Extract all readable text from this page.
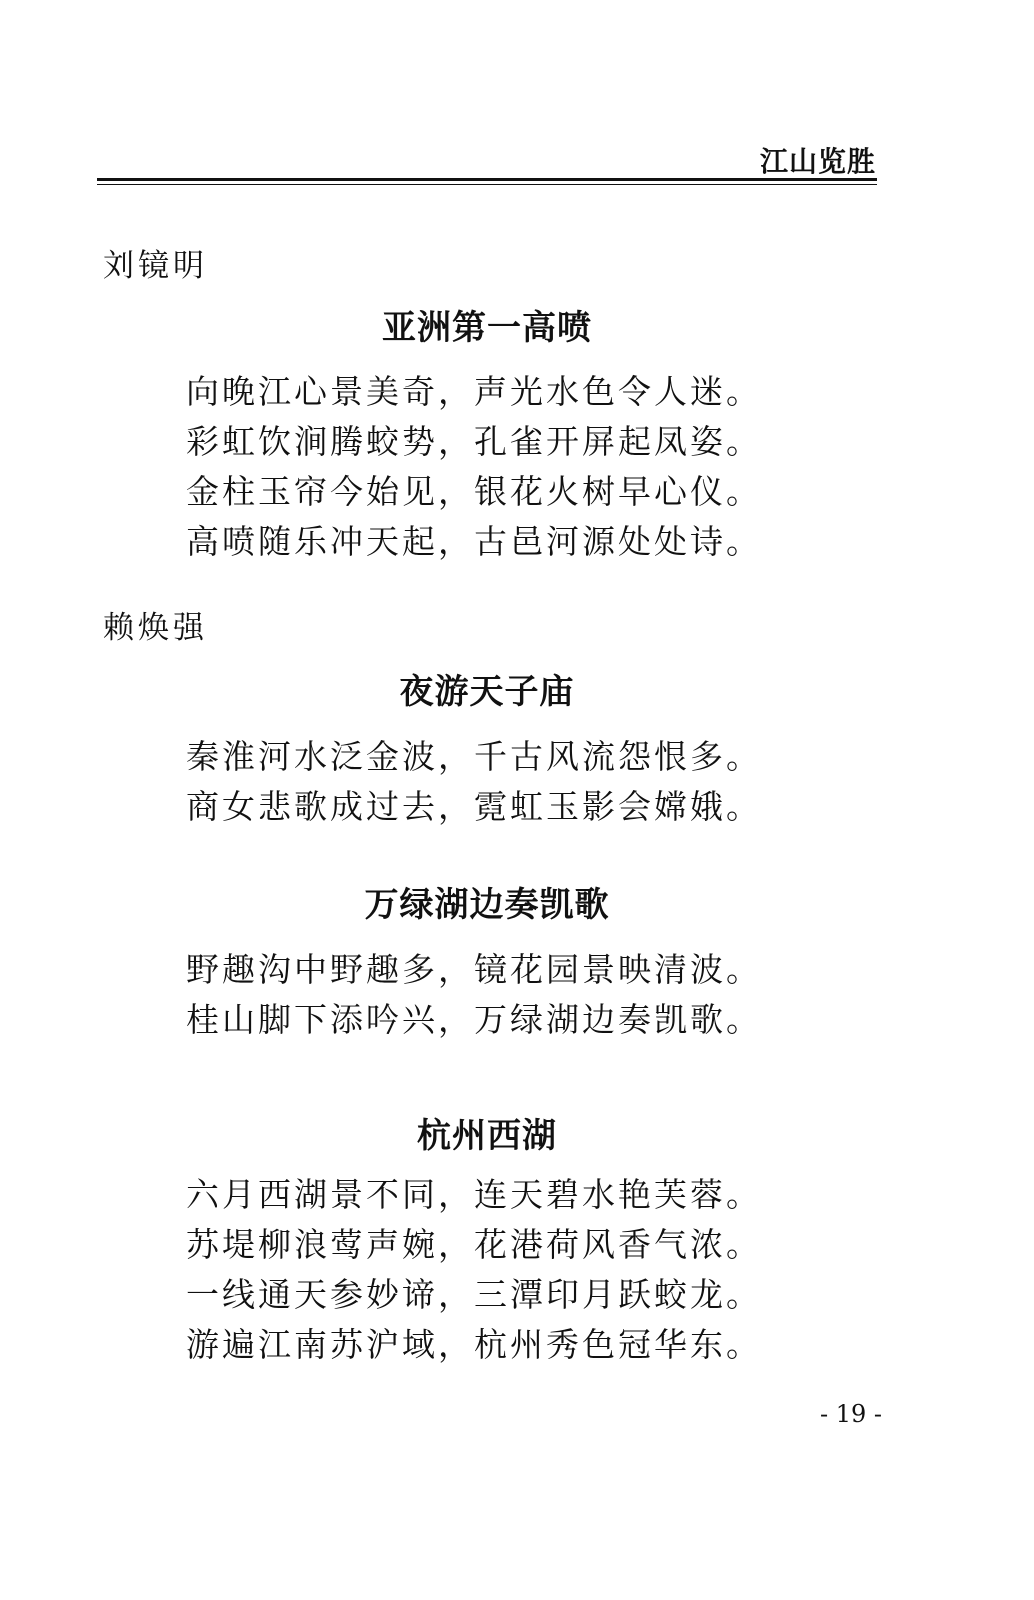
江山览胜
刘镜明
亚洲第一高喷
向晚江心景美奇，声光水色令人迷。
彩虹饮涧腾蛟势，孔雀开屏起凤姿。
金柱玉帘今始见，银花火树早心仪。
高喷随乐冲天起，古邑河源处处诗。
赖焕强
夜游天子庙
秦淮河水泛金波，千古风流怨恨多。
商女悲歌成过去，霓虹玉影会嫦娥。
万绿湖边奏凯歌
野趣沟中野趣多，镜花园景映清波。
桂山脚下添吟兴，万绿湖边奏凯歌。
杭州西湖
六月西湖景不同，连天碧水艳芙蓉。
苏堤柳浪莺声婉，花港荷风香气浓。
一线通天参妙谛，三潭印月跃蛟龙。
游遍江南苏沪域，杭州秀色冠华东。
- 19 -
